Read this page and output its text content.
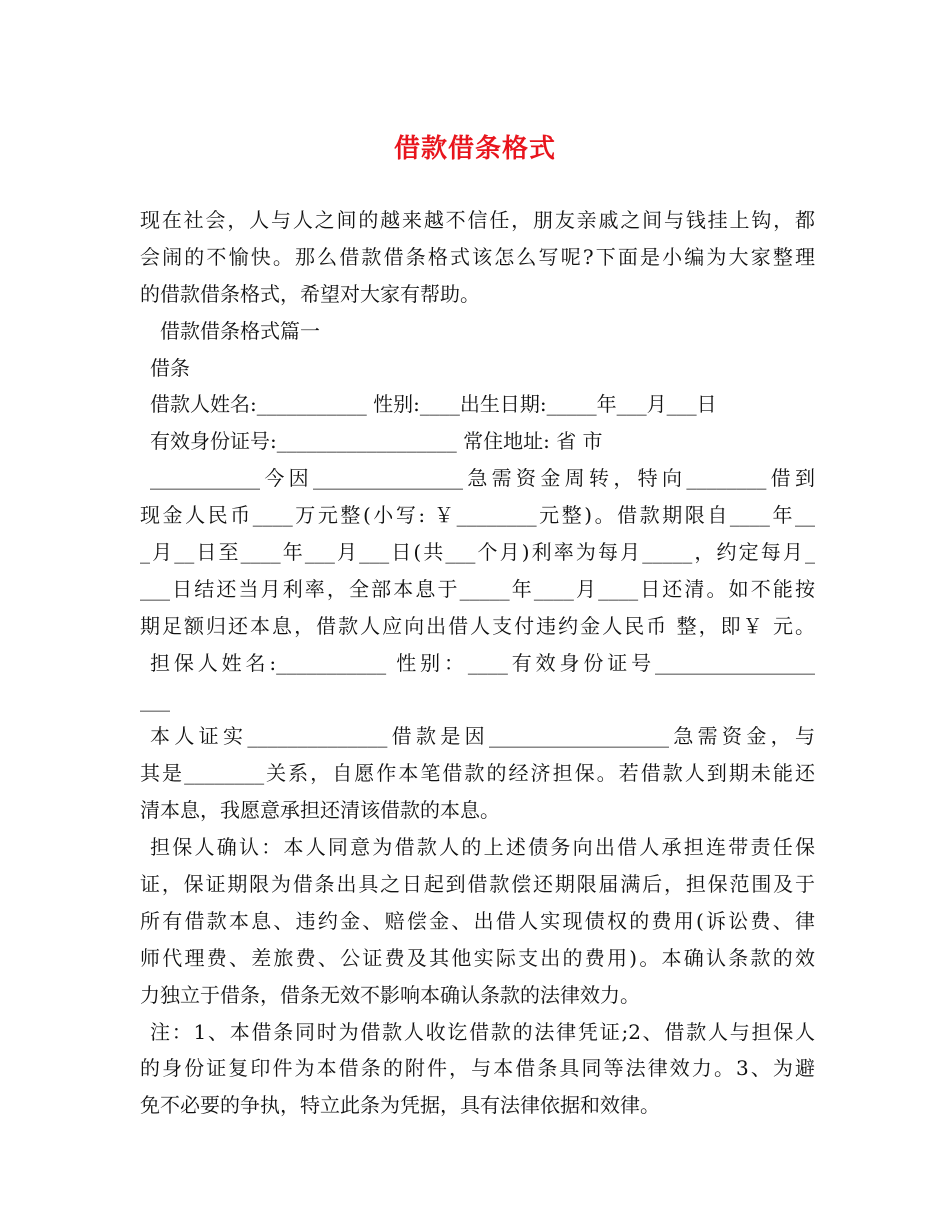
借款借条格式
现在社会，人与人之间的越来越不信任，朋友亲戚之间与钱挂上钩，都
会闹的不愉快。那么借款借条格式该怎么写呢?下面是小编为大家整理
的借款借条格式，希望对大家有帮助。
借款借条格式篇一
借条
借款人姓名:___________ 性别:____出生日期:_____年___月___日
有效身份证号:__________________ 常住地址: 省 市
___________今因_______________急需资金周转，特向________借到
现金人民币____万元整(小写: ￥________元整)。借款期限自____年__
_月__日至____年___月___日(共___个月)利率为每月_____，约定每月_
___日结还当月利率，全部本息于_____年____月____日还清。如不能按
期足额归还本息，借款人应向出借人支付违约金人民币 整，即￥ 元。
担保人姓名:___________ 性别：____有效身份证号________________
___
本人证实______________借款是因__________________急需资金，与
其是________关系，自愿作本笔借款的经济担保。若借款人到期未能还
清本息，我愿意承担还清该借款的本息。
担保人确认：本人同意为借款人的上述债务向出借人承担连带责任保
证，保证期限为借条出具之日起到借款偿还期限届满后，担保范围及于
所有借款本息、违约金、赔偿金、出借人实现债权的费用(诉讼费、律
师代理费、差旅费、公证费及其他实际支出的费用)。本确认条款的效
力独立于借条，借条无效不影响本确认条款的法律效力。
注：1、本借条同时为借款人收讫借款的法律凭证;2、借款人与担保人
的身份证复印件为本借条的附件，与本借条具同等法律效力。3、为避
免不必要的争执，特立此条为凭据，具有法律依据和效律。
